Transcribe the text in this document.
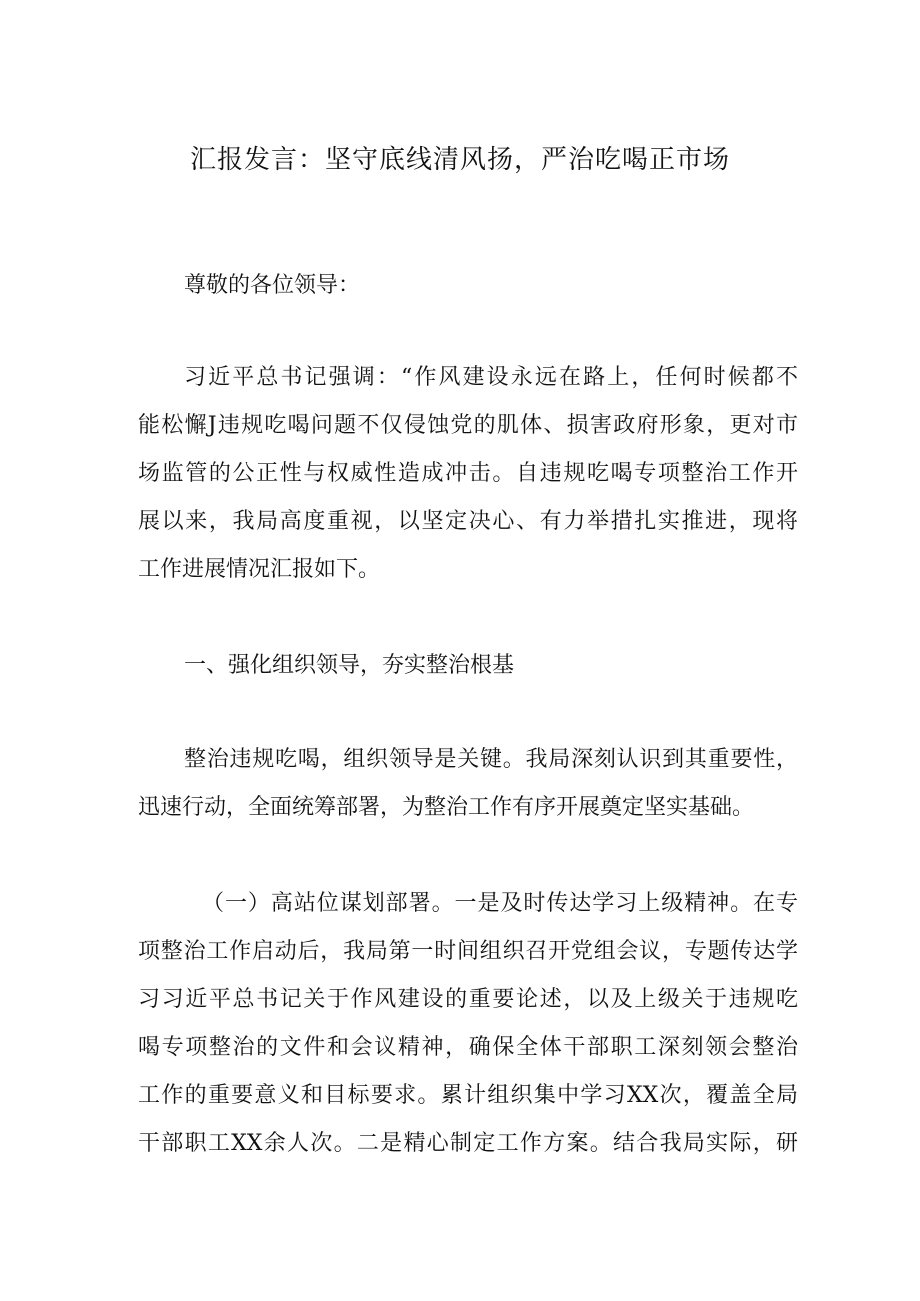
汇报发言：坚守底线清风扬，严治吃喝正市场
尊敬的各位领导：
习近平总书记强调：“作风建设永远在路上，任何时候都不
能松懈J违规吃喝问题不仅侵蚀党的肌体、损害政府形象，更对市
场监管的公正性与权威性造成冲击。自违规吃喝专项整治工作开
展以来，我局高度重视，以坚定决心、有力举措扎实推进，现将
工作进展情况汇报如下。
一、强化组织领导，夯实整治根基
整治违规吃喝，组织领导是关键。我局深刻认识到其重要性，
迅速行动，全面统筹部署，为整治工作有序开展奠定坚实基础。
（一）高站位谋划部署。一是及时传达学习上级精神。在专
项整治工作启动后，我局第一时间组织召开党组会议，专题传达学
习习近平总书记关于作风建设的重要论述，以及上级关于违规吃
喝专项整治的文件和会议精神，确保全体干部职工深刻领会整治
工作的重要意义和目标要求。累计组织集中学习XX次，覆盖全局
干部职工XX余人次。二是精心制定工作方案。结合我局实际，研
